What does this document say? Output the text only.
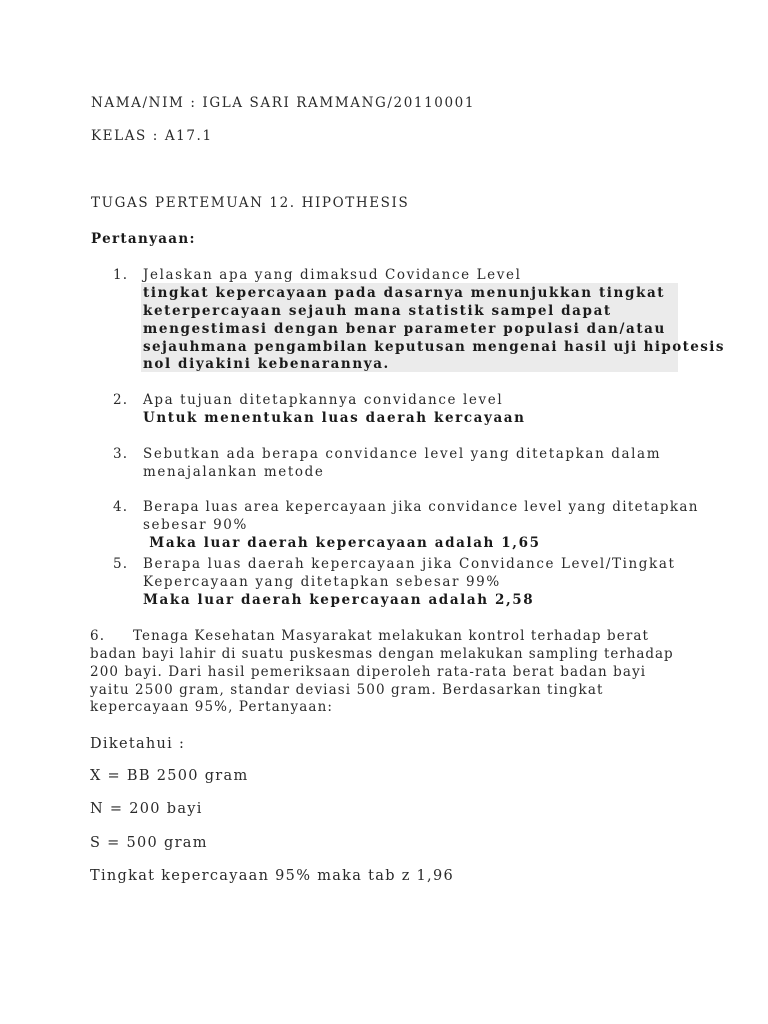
NAMA/NIM : IGLA SARI RAMMANG/20110001
KELAS : A17.1
TUGAS PERTEMUAN 12. HIPOTHESIS
Pertanyaan:
1. Jelaskan apa yang dimaksud Covidance Level
tingkat kepercayaan pada dasarnya menunjukkan tingkat
keterpercayaan sejauh mana statistik sampel dapat
mengestimasi dengan benar parameter populasi dan/atau
sejauhmana pengambilan keputusan mengenai hasil uji hipotesis
nol diyakini kebenarannya.
2. Apa tujuan ditetapkannya convidance level
Untuk menentukan luas daerah kercayaan
3. Sebutkan ada berapa convidance level yang ditetapkan dalam
menajalankan metode
4. Berapa luas area kepercayaan jika convidance level yang ditetapkan
sebesar 90%
Maka luar daerah kepercayaan adalah 1,65
5. Berapa luas daerah kepercayaan jika Convidance Level/Tingkat
Kepercayaan yang ditetapkan sebesar 99%
Maka luar daerah kepercayaan adalah 2,58
6. Tenaga Kesehatan Masyarakat melakukan kontrol terhadap berat
badan bayi lahir di suatu puskesmas dengan melakukan sampling terhadap
200 bayi. Dari hasil pemeriksaan diperoleh rata-rata berat badan bayi
yaitu 2500 gram, standar deviasi 500 gram. Berdasarkan tingkat
kepercayaan 95%, Pertanyaan:
Diketahui :
X = BB 2500 gram
N = 200 bayi
S = 500 gram
Tingkat kepercayaan 95% maka tab z 1,96
